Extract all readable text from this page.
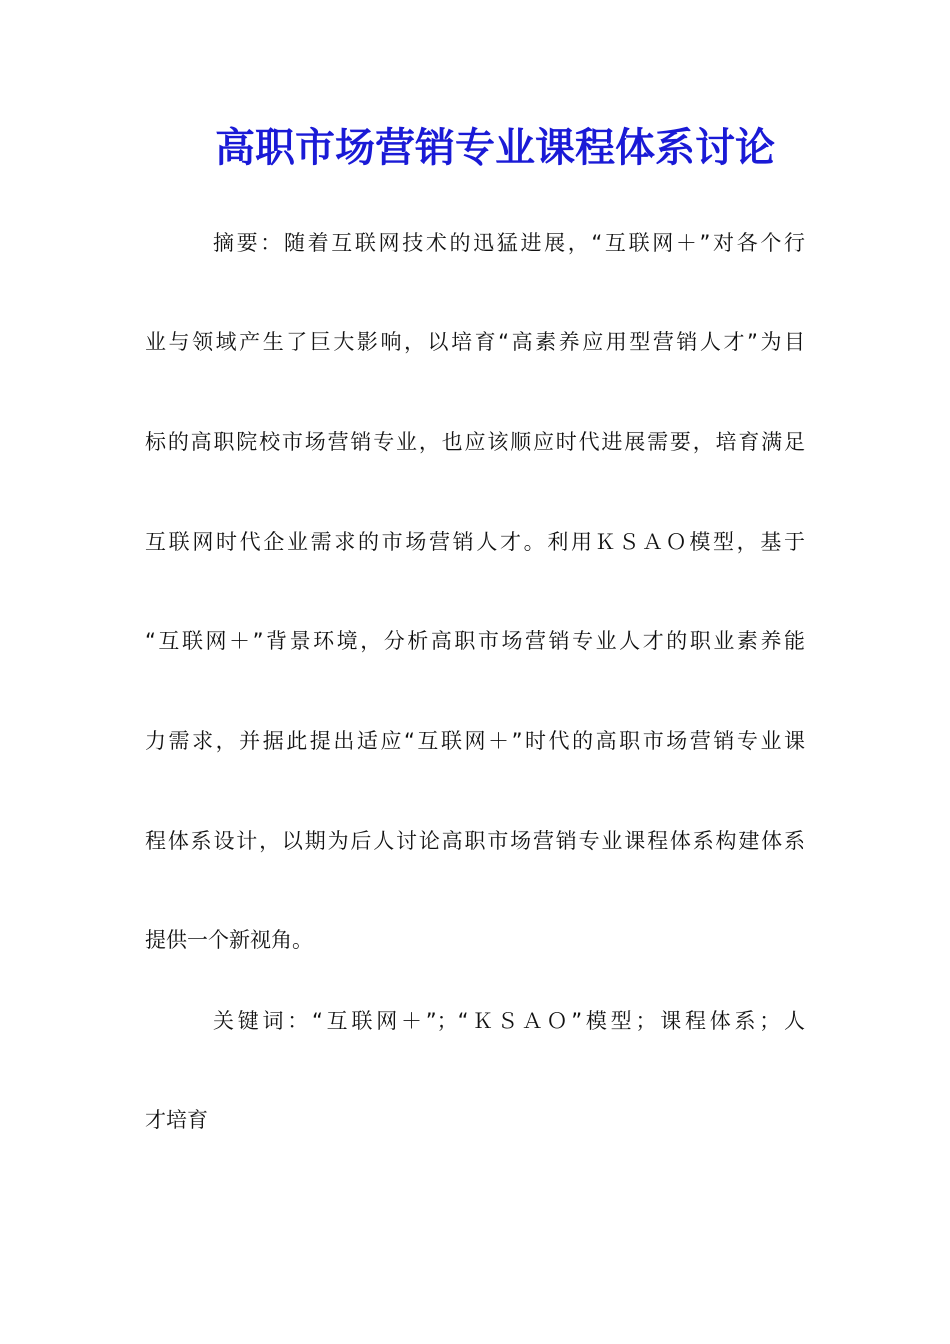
高职市场营销专业课程体系讨论
摘要：随着互联网技术的迅猛进展，“互联网＋”对各个行
业与领域产生了巨大影响，以培育“高素养应用型营销人才”为目
标的高职院校市场营销专业，也应该顺应时代进展需要，培育满足
互联网时代企业需求的市场营销人才。利用ＫＳＡＯ模型，基于
“互联网＋”背景环境，分析高职市场营销专业人才的职业素养能
力需求，并据此提出适应“互联网＋”时代的高职市场营销专业课
程体系设计，以期为后人讨论高职市场营销专业课程体系构建体系
提供一个新视角。
关键词：“互联网＋”；“ＫＳＡＯ”模型；课程体系；人
才培育
